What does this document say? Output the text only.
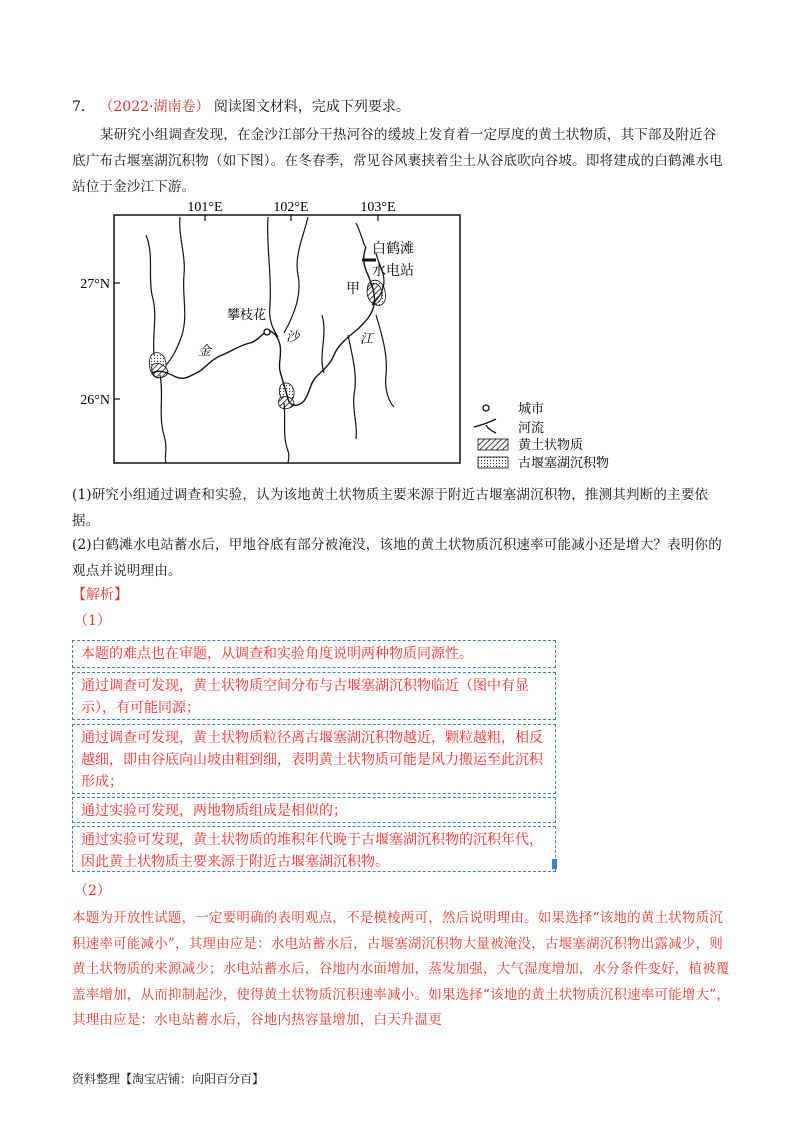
7． （2022·湖南卷） 阅读图文材料，完成下列要求。

某研究小组调查发现，在金沙江部分干热河谷的缓坡上发育着一定厚度的黄土状物质，其下部及附近谷底广布古堰塞湖沉积物（如下图）。在冬春季，常见谷风裹挟着尘土从谷底吹向谷坡。即将建成的白鹤滩水电站位于金沙江下游。

101°E	102°E	103°E
27°N
26°N
白鹤滩
水电站
甲
攀枝花
金
沙	江
城市
河流
黄土状物质
古堰塞湖沉积物

(1)研究小组通过调查和实验，认为该地黄土状物质主要来源于附近古堰塞湖沉积物，推测其判断的主要依据。

(2)白鹤滩水电站蓄水后，甲地谷底有部分被淹没，该地的黄土状物质沉积速率可能减小还是增大？表明你的观点并说明理由。

【解析】
（1）
本题的难点也在审题，从调查和实验角度说明两种物质同源性。
通过调查可发现，黄土状物质空间分布与古堰塞湖沉积物临近（图中有显示），有可能同源；
通过调查可发现，黄土状物质粒径离古堰塞湖沉积物越近，颗粒越粗，相反越细，即由谷底向山坡由粗到细，表明黄土状物质可能是风力搬运至此沉积形成；
通过实验可发现，两地物质组成是相似的；
通过实验可发现，黄土状物质的堆积年代晚于古堰塞湖沉积物的沉积年代，因此黄土状物质主要来源于附近古堰塞湖沉积物。
（2）

本题为开放性试题，一定要明确的表明观点，不是模棱两可，然后说明理由。如果选择“该地的黄土状物质沉积速率可能减小”，其理由应是：水电站蓄水后，古堰塞湖沉积物大量被淹没，古堰塞湖沉积物出露减少，则黄土状物质的来源减少；水电站蓄水后，谷地内水面增加，蒸发加强，大气湿度增加，水分条件变好，植被覆盖率增加，从而抑制起沙，使得黄土状物质沉积速率减小。如果选择“该地的黄土状物质沉积速率可能增大”，其理由应是：水电站蓄水后，谷地内热容量增加，白天升温更

资料整理【淘宝店铺：向阳百分百】
